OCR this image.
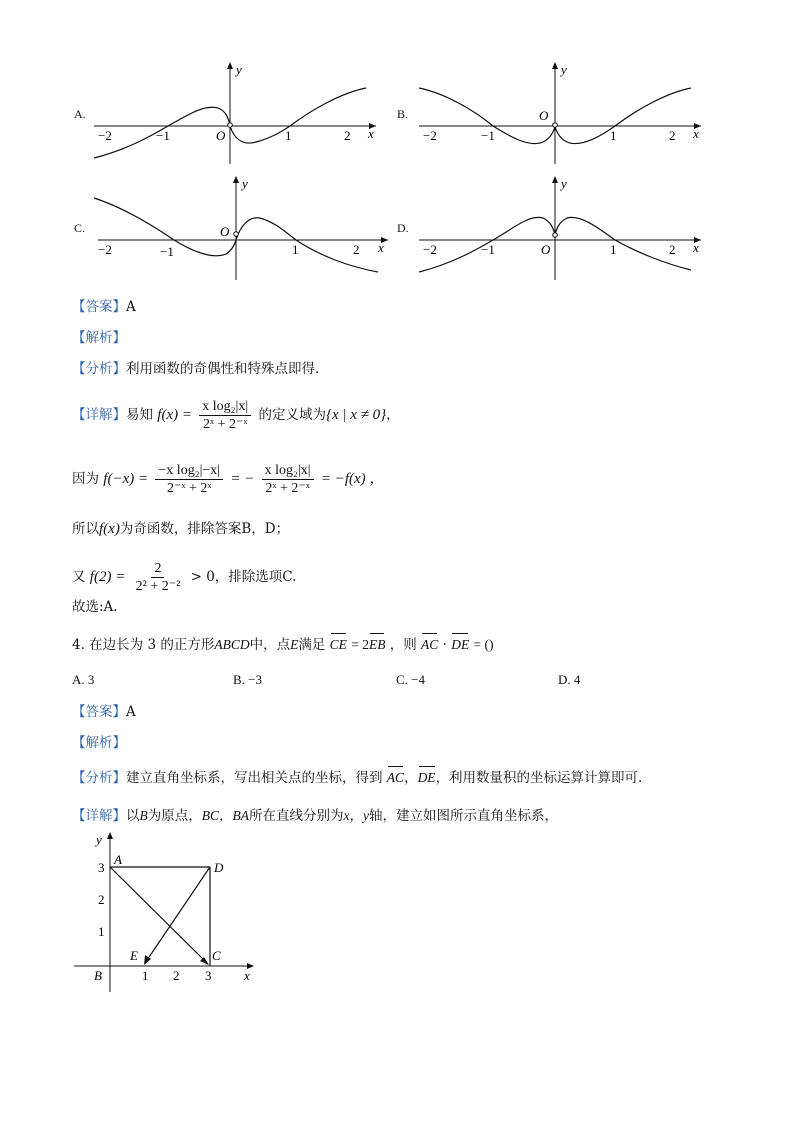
A.
y
x
O
−2	−1	1	2
B.
y
x
O
−2	−1	1	2
C.
y
x
O
−2	−1	1	2
D.
y
x
O
−2	−1	1	2
【答案】A
【解析】
【分析】利用函数的奇偶性和特殊点即得.
【详解】易知 $f(x) = \frac{\text{x log₂|x|}}{\text{2ˣ + 2⁻ˣ}}$ 的定义域为{x | x ≠ 0}，
因为 $f(-x) = \frac{\text{−x log₂|−x|}}{\text{2⁻ˣ + 2ˣ}}$ = − $\frac{\text{x log₂|x|}}{\text{2ˣ + 2⁻ˣ}} = -f(x)$ ，
所以f(x)为奇函数，排除答案B，D；
又 $f(2) = \frac{2}{\text{2² + 2⁻²}} > 0$，排除选项C.
故选:A.
4. 在边长为 3 的正方形ABCD中，点E满足 CE = 2EB ，则 AC · DE = ()
A. 3	B. −3	C. −4	D. 4
【答案】A
【解析】
【分析】建立直角坐标系，写出相关点的坐标，得到 AC，DE，利用数量积的坐标运算计算即可.
【详解】以B为原点，BC，BA所在直线分别为x，y轴，建立如图所示直角坐标系，
x
y
1 2 3
1
2
3
A
D
C
E
B
